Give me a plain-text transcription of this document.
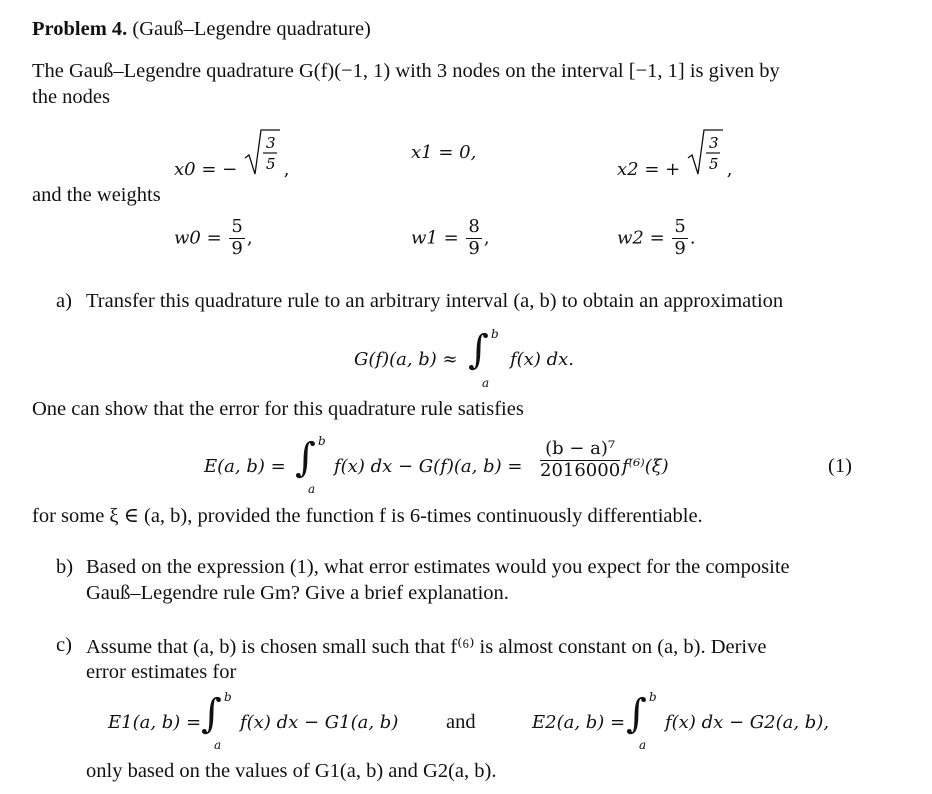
Problem 4. (Gauß–Legendre quadrature)
The Gauß–Legendre quadrature G(f)(−1, 1) with 3 nodes on the interval [−1, 1] is given by
the nodes
x0 = −
3
5 ,
x1 = 0,
x2 = +
3
5 ,
and the weights
$w0 = \frac{5}{9}$ ,	$w1 = \frac{8}{9}$ ,	$w2 = \frac{5}{9}$ .
a) Transfer this quadrature rule to an arbitrary interval (a, b) to obtain an approximation
G(f)(a, b) ≈ ∫ b
a
f(x) dx.
One can show that the error for this quadrature rule satisfies
E(a, b) = ∫ b
a
f(x) dx − G(f)(a, $b) = \frac{\text{(b − a)⁷}}{2016000} f^{(6)}(\xi)$	(1)
for some ξ ∈ (a, b), provided the function f is 6-times continuously differentiable.
b) Based on the expression (1), what error estimates would you expect for the composite
Gauß–Legendre rule Gm? Give a brief explanation.
c) Assume that (a, b) is chosen small such that f⁽⁶⁾ is almost constant on (a, b). Derive
error estimates for
E1(a, b) = ∫ b
a
f(x) dx − G1(a, b) and	E2(a, b) = ∫ b
a
f(x) dx − G2(a, b),
only based on the values of G1(a, b) and G2(a, b).
